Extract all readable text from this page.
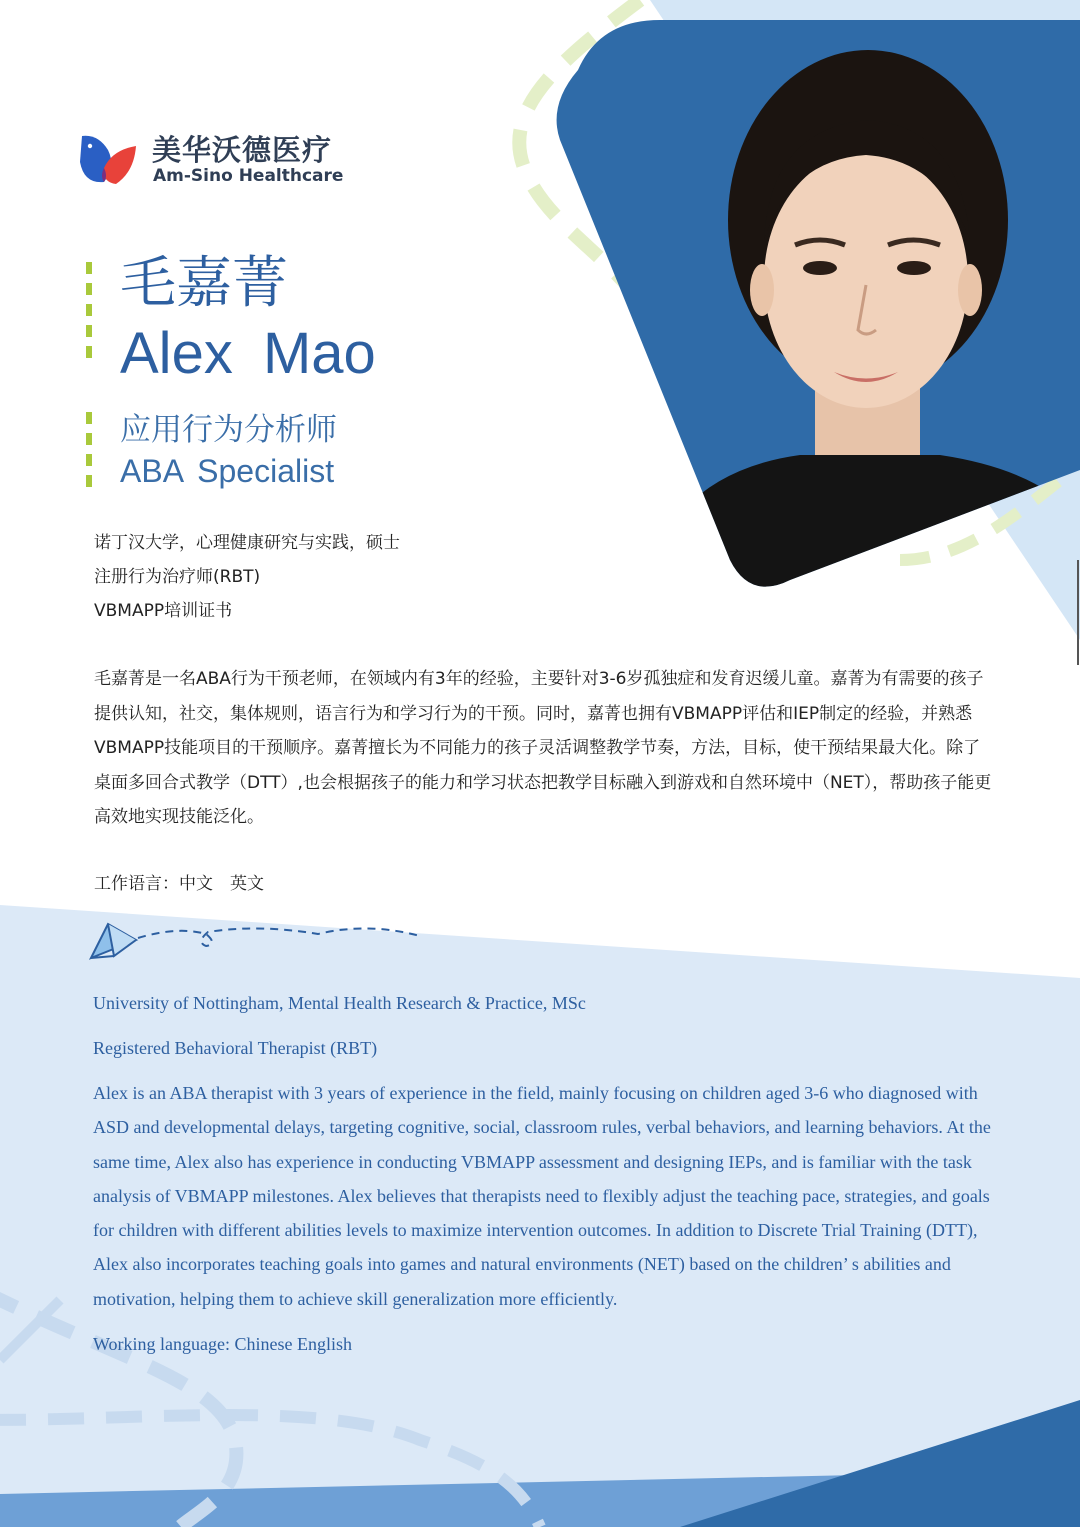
美华沃德医疗
Am-Sino Healthcare
毛嘉菁
Alex Mao
应用行为分析师
ABA Specialist

诺丁汉大学，心理健康研究与实践，硕士

注册行为治疗师(RBT)

VBMAPP培训证书

毛嘉菁是一名ABA行为干预老师，在领域内有3年的经验，主要针对3-6岁孤独症和发育迟缓儿童。嘉菁为有需要的孩子提供认知，社交，集体规则，语言行为和学习行为的干预。同时，嘉菁也拥有VBMAPP评估和IEP制定的经验，并熟悉VBMAPP技能项目的干预顺序。嘉菁擅长为不同能力的孩子灵活调整教学节奏，方法，目标，使干预结果最大化。除了桌面多回合式教学（DTT）,也会根据孩子的能力和学习状态把教学目标融入到游戏和自然环境中（NET），帮助孩子能更高效地实现技能泛化。

工作语言：中文　英文

University of Nottingham, Mental Health Research & Practice, MSc

Registered Behavioral Therapist (RBT)

Alex is an ABA therapist with 3 years of experience in the field, mainly focusing on children aged 3-6 who diagnosed with ASD and developmental delays, targeting cognitive, social, classroom rules, verbal behaviors, and learning behaviors. At the same time, Alex also has experience in conducting VBMAPP assessment and designing IEPs, and is familiar with the task analysis of VBMAPP milestones. Alex believes that therapists need to flexibly adjust the teaching pace, strategies, and goals for children with different abilities levels to maximize intervention outcomes. In addition to Discrete Trial Training (DTT), Alex also incorporates teaching goals into games and natural environments (NET) based on the children’ s abilities and motivation, helping them to achieve skill generalization more efficiently.

Working language: Chinese English
